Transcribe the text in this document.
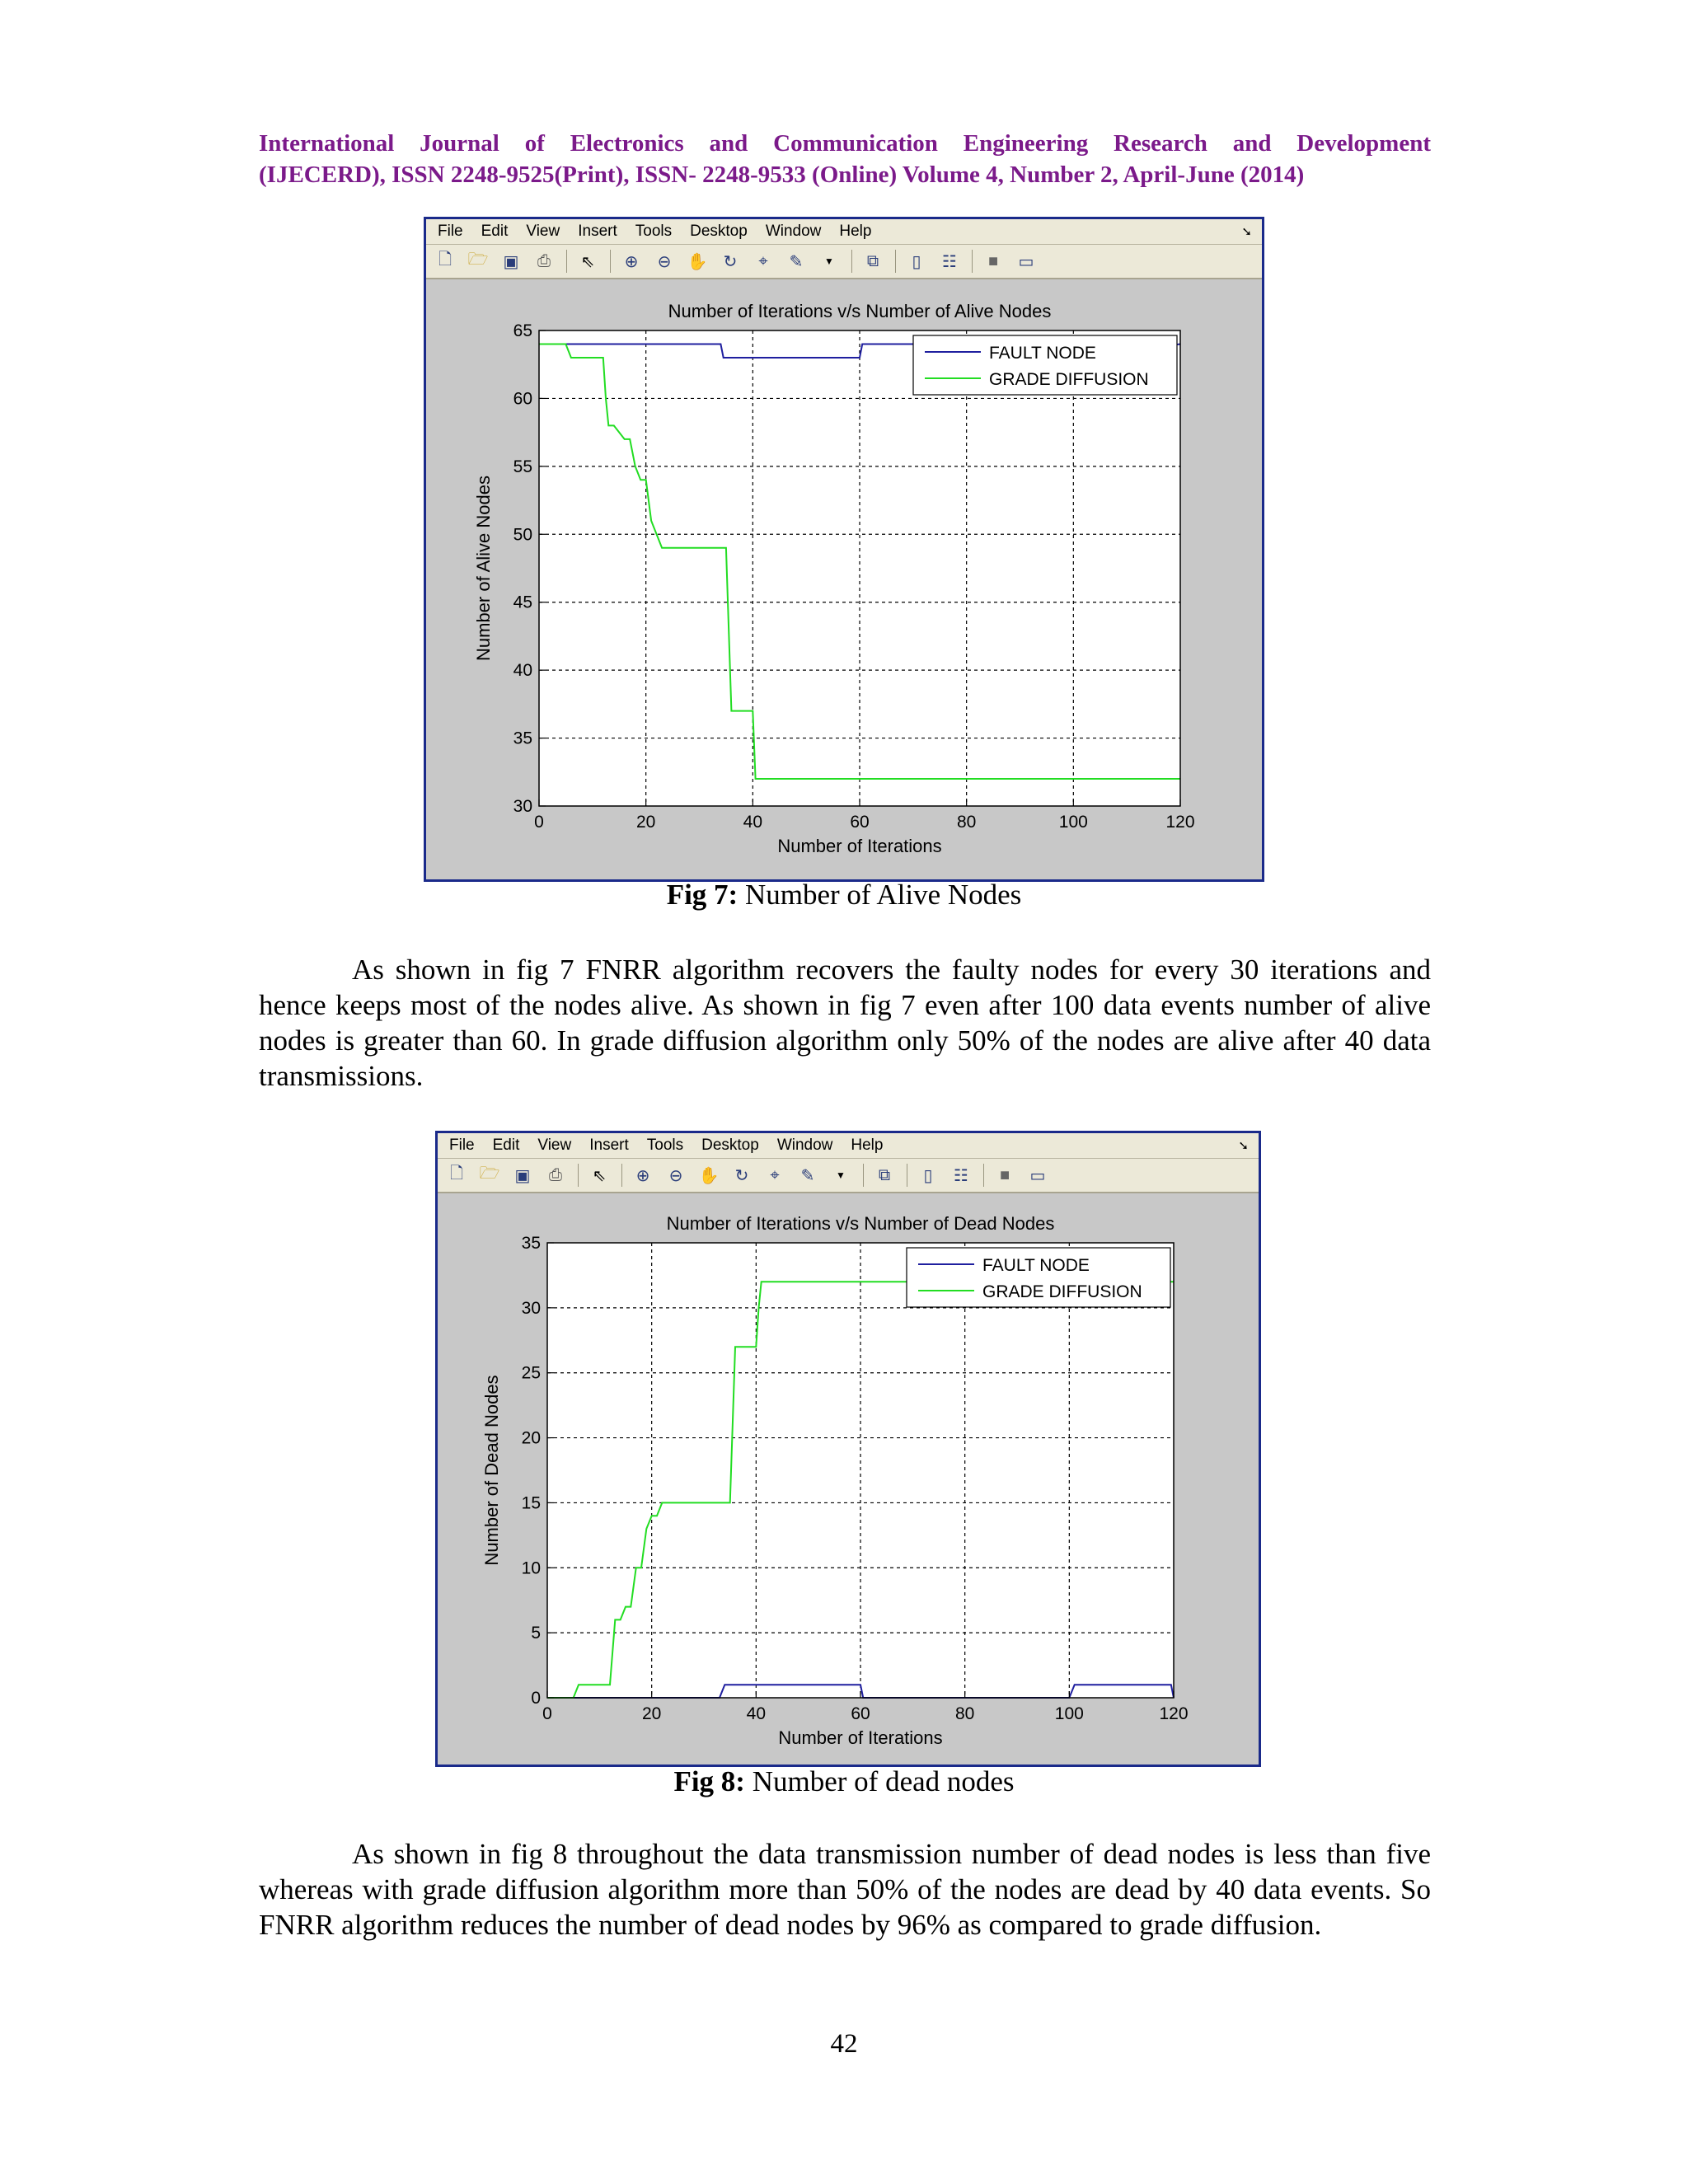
International Journal of Electronics and Communication Engineering Research and Development
(IJECERD), ISSN 2248-9525(Print), ISSN- 2248-9533 (Online) Volume 4, Number 2, April-June (2014)
File Edit View Insert Tools Desktop Window Help	➘
🗋 🗁 ▣ ⎙ ⇖ ⊕ ⊖ ✋ ↻	⌖	✎	▼	⧉	▯	☷	■	▭
0	20	40	60	80	100	120
30
35
40
45
50
55
60
65
Number of Iterations v/s Number of Alive Nodes
Number of Iterations
Number of Alive Nodes
FAULT NODE
GRADE DIFFUSION
Fig 7: Number of Alive Nodes
As shown in fig 7 FNRR algorithm recovers the faulty nodes for every 30 iterations and hence keeps most of the nodes alive. As shown in fig 7 even after 100 data events number of alive nodes is greater than 60. In grade diffusion algorithm only 50% of the nodes are alive after 40 data transmissions.
File Edit View Insert Tools Desktop Window Help	➘
🗋 🗁 ▣ ⎙ ⇖ ⊕ ⊖ ✋ ↻	⌖	✎	▼	⧉	▯	☷	■	▭
0	20	40	60	80	100	120
0
5
10
15
20
25
30
35
Number of Iterations v/s Number of Dead Nodes
Number of Iterations
Number of Dead Nodes
FAULT NODE
GRADE DIFFUSION
Fig 8: Number of dead nodes
As shown in fig 8 throughout the data transmission number of dead nodes is less than five whereas with grade diffusion algorithm more than 50% of the nodes are dead by 40 data events. So FNRR algorithm reduces the number of dead nodes by 96% as compared to grade diffusion.
42
